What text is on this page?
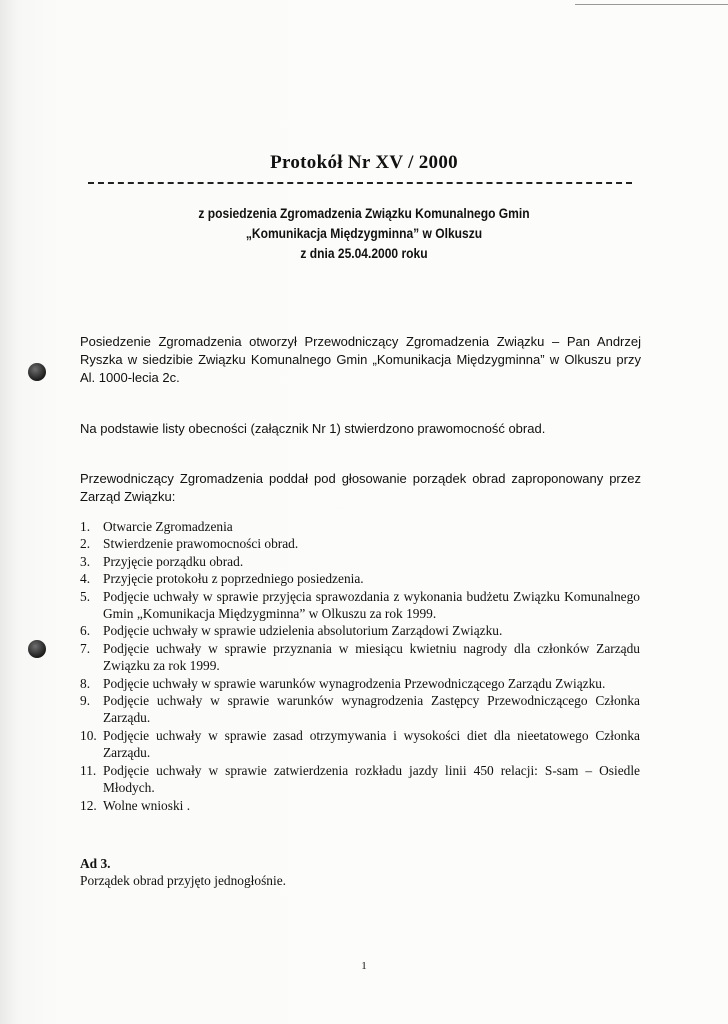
Protokół Nr XV / 2000
z posiedzenia Zgromadzenia Związku Komunalnego Gmin
„Komunikacja Międzygminna” w Olkuszu
z dnia 25.04.2000 roku
Posiedzenie Zgromadzenia otworzył Przewodniczący Zgromadzenia Związku – Pan Andrzej Ryszka w siedzibie Związku Komunalnego Gmin „Komunikacja Międzygminna” w Olkuszu przy Al. 1000-lecia 2c.
Na podstawie listy obecności (załącznik Nr 1) stwierdzono prawomocność obrad.
Przewodniczący Zgromadzenia poddał pod głosowanie porządek obrad zaproponowany przez Zarząd Związku:
1. Otwarcie Zgromadzenia
2. Stwierdzenie prawomocności obrad.
3. Przyjęcie porządku obrad.
4. Przyjęcie protokołu z poprzedniego posiedzenia.
5. Podjęcie uchwały w sprawie przyjęcia sprawozdania z wykonania budżetu Związku Komunalnego Gmin „Komunikacja Międzygminna” w Olkuszu za rok 1999.
6. Podjęcie uchwały w sprawie udzielenia absolutorium Zarządowi Związku.
7. Podjęcie uchwały w sprawie przyznania w miesiącu kwietniu nagrody dla członków Zarządu Związku za rok 1999.
8. Podjęcie uchwały w sprawie warunków wynagrodzenia Przewodniczącego Zarządu Związku.
9. Podjęcie uchwały w sprawie warunków wynagrodzenia Zastępcy Przewodniczącego Członka Zarządu.
10. Podjęcie uchwały w sprawie zasad otrzymywania i wysokości diet dla nieetatowego Członka Zarządu.
11. Podjęcie uchwały w sprawie zatwierdzenia rozkładu jazdy linii 450 relacji: S-sam – Osiedle Młodych.
12. Wolne wnioski .
Ad 3.
Porządek obrad przyjęto jednogłośnie.
1
